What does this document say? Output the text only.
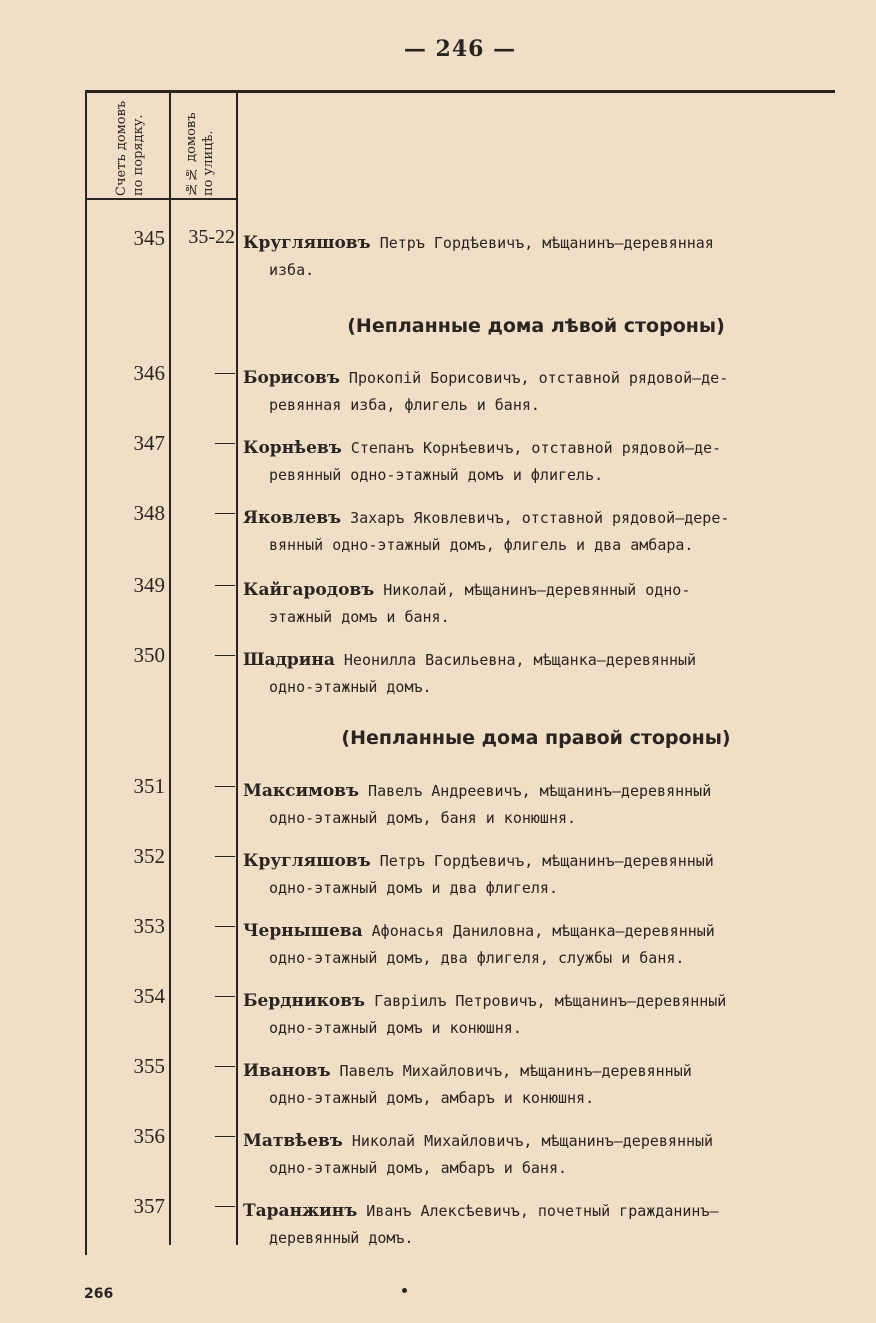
— 246 —
Счетъ домовъ по порядку.	№№ домовъ по улицѣ.
345	35-22 Кругляшовъ Петръ Гордѣевичъ, мѣщанинъ—деревянная
изба.
(Непланные дома лѣвой стороны)
346	— Борисовъ Прокопій Борисовичъ, отставной рядовой—де-
ревянная изба, флигель и баня.
347	— Корнѣевъ Степанъ Корнѣевичъ, отставной рядовой—де-
ревянный одно-этажный домъ и флигель.
348	— Яковлевъ Захаръ Яковлевичъ, отставной рядовой—дере-
вянный одно-этажный домъ, флигель и два амбара.
349	— Кайгародовъ Николай, мѣщанинъ—деревянный одно-
этажный домъ и баня.
350	— Шадрина Неонилла Васильевна, мѣщанка—деревянный
одно-этажный домъ.
(Непланные дома правой стороны)
351	— Максимовъ Павелъ Андреевичъ, мѣщанинъ—деревянный
одно-этажный домъ, баня и конюшня.
352	— Кругляшовъ Петръ Гордѣевичъ, мѣщанинъ—деревянный
одно-этажный домъ и два флигеля.
353	— Чернышева Афонасья Даниловна, мѣщанка—деревянный
одно-этажный домъ, два флигеля, службы и баня.
354	— Бердниковъ Гавріилъ Петровичъ, мѣщанинъ—деревянный
одно-этажный домъ и конюшня.
355	— Ивановъ Павелъ Михайловичъ, мѣщанинъ—деревянный
одно-этажный домъ, амбаръ и конюшня.
356	— Матвѣевъ Николай Михайловичъ, мѣщанинъ—деревянный
одно-этажный домъ, амбаръ и баня.
357	— Таранжинъ Иванъ Алексѣевичъ, почетный гражданинъ—
деревянный домъ.
266
